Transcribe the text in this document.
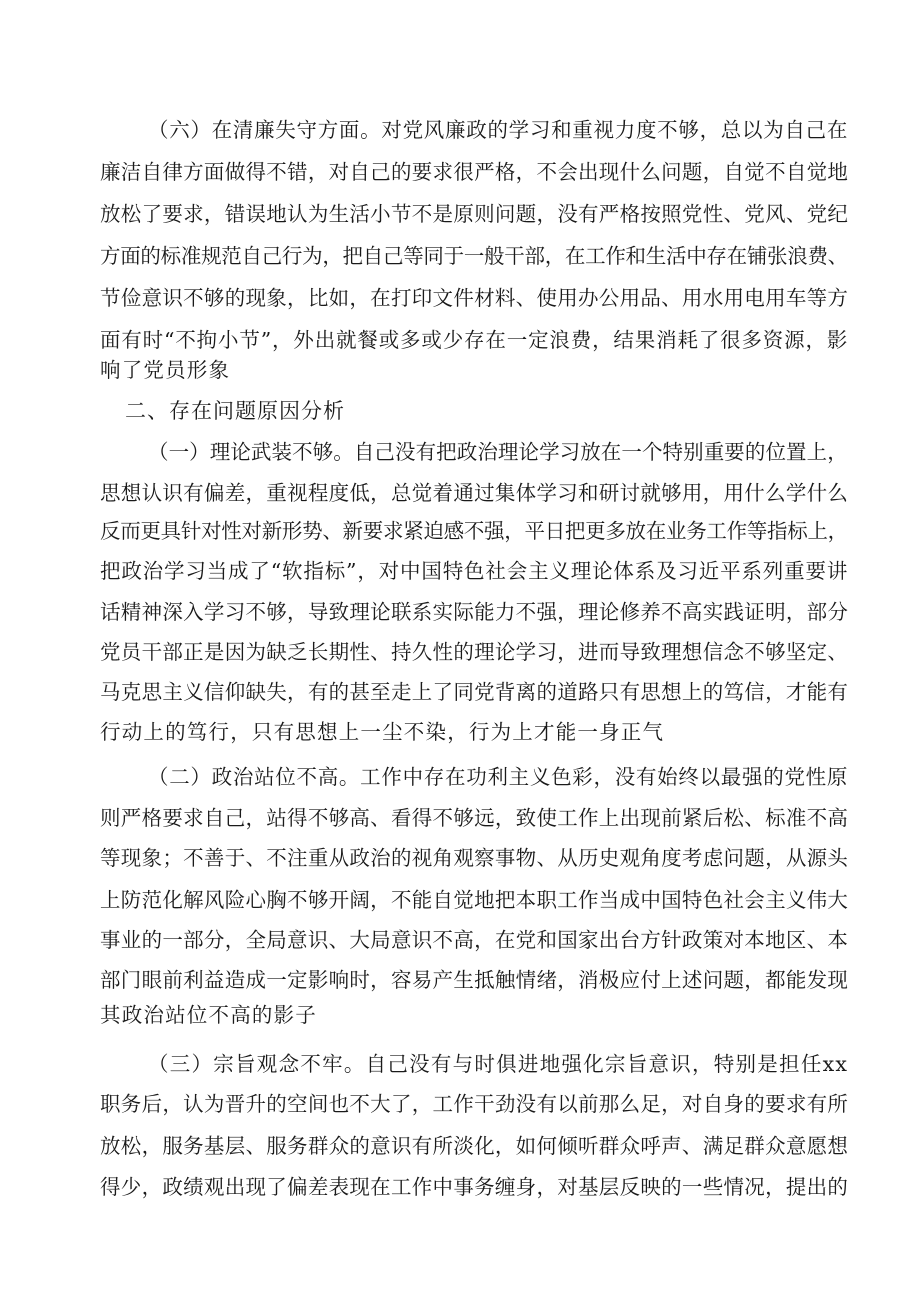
（六）在清廉失守方面。对党风廉政的学习和重视力度不够，总以为自己在
廉洁自律方面做得不错，对自己的要求很严格，不会出现什么问题，自觉不自觉地
放松了要求，错误地认为生活小节不是原则问题，没有严格按照党性、党风、党纪
方面的标准规范自己行为，把自己等同于一般干部，在工作和生活中存在铺张浪费、
节俭意识不够的现象，比如，在打印文件材料、使用办公用品、用水用电用车等方
面有时“不拘小节”，外出就餐或多或少存在一定浪费，结果消耗了很多资源，影
响了党员形象
二、存在问题原因分析
（一）理论武装不够。自己没有把政治理论学习放在一个特别重要的位置上，
思想认识有偏差，重视程度低，总觉着通过集体学习和研讨就够用，用什么学什么
反而更具针对性对新形势、新要求紧迫感不强，平日把更多放在业务工作等指标上，
把政治学习当成了“软指标”，对中国特色社会主义理论体系及习近平系列重要讲
话精神深入学习不够，导致理论联系实际能力不强，理论修养不高实践证明，部分
党员干部正是因为缺乏长期性、持久性的理论学习，进而导致理想信念不够坚定、
马克思主义信仰缺失，有的甚至走上了同党背离的道路只有思想上的笃信，才能有
行动上的笃行，只有思想上一尘不染，行为上才能一身正气
（二）政治站位不高。工作中存在功利主义色彩，没有始终以最强的党性原
则严格要求自己，站得不够高、看得不够远，致使工作上出现前紧后松、标准不高
等现象；不善于、不注重从政治的视角观察事物、从历史观角度考虑问题，从源头
上防范化解风险心胸不够开阔，不能自觉地把本职工作当成中国特色社会主义伟大
事业的一部分，全局意识、大局意识不高，在党和国家出台方针政策对本地区、本
部门眼前利益造成一定影响时，容易产生抵触情绪，消极应付上述问题，都能发现
其政治站位不高的影子
（三）宗旨观念不牢。自己没有与时俱进地强化宗旨意识，特别是担任xx
职务后，认为晋升的空间也不大了，工作干劲没有以前那么足，对自身的要求有所
放松，服务基层、服务群众的意识有所淡化，如何倾听群众呼声、满足群众意愿想
得少，政绩观出现了偏差表现在工作中事务缠身，对基层反映的一些情况，提出的
